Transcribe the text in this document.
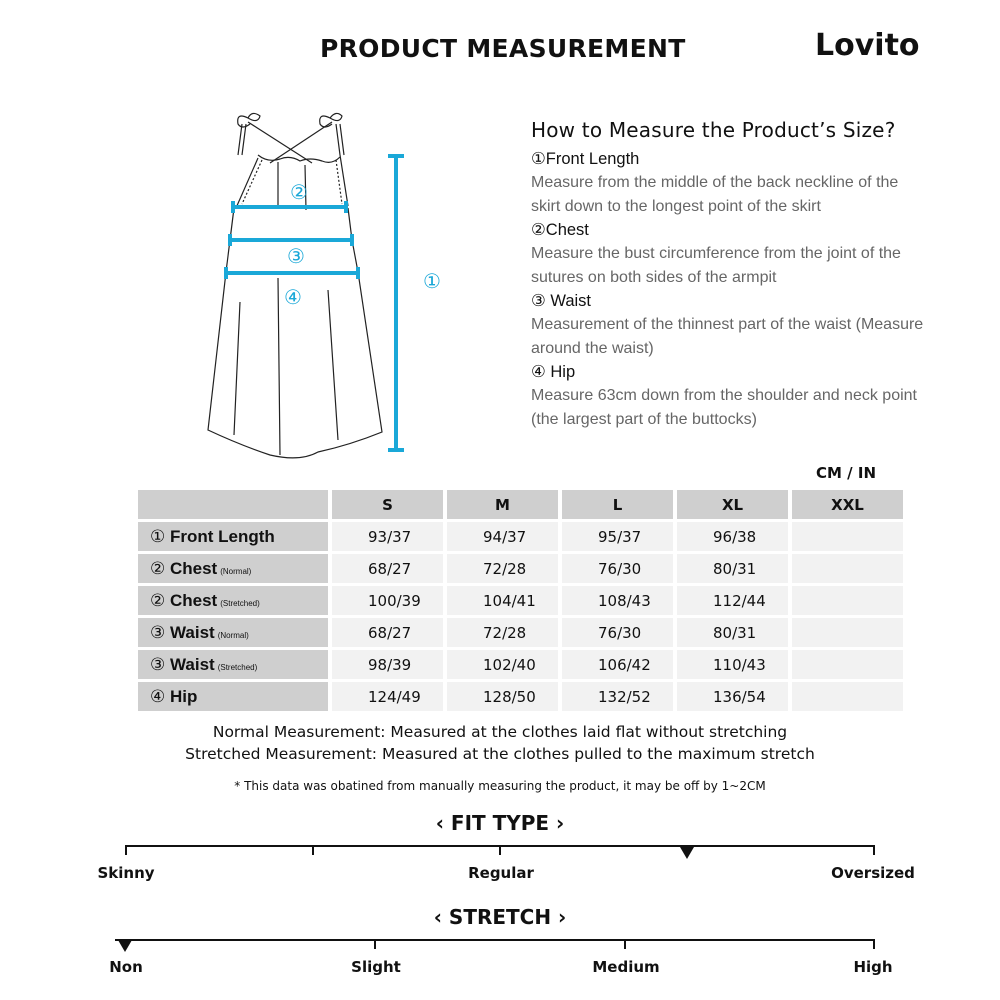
PRODUCT MEASUREMENT	Lovito
②
③
④
①
How to Measure the Product’s Size?
①Front Length
Measure from the middle of the back neckline of the skirt down to the longest point of the skirt
②Chest
Measure the bust circumference from the joint of the sutures on both sides of the armpit
③ Waist
Measurement of the thinnest part of the waist (Measure around the waist)
④ Hip
Measure 63cm down from the shoulder and neck point (the largest part of the buttocks)
CM / IN
	S	M	L	XL	XXL
① Front Length	93/37	94/37	95/37	96/38	
② Chest (Normal)	68/27	72/28	76/30	80/31	
② Chest (Stretched)	100/39	104/41	108/43	112/44	
③ Waist (Normal)	68/27	72/28	76/30	80/31	
③ Waist (Stretched)	98/39	102/40	106/42	110/43	
④ Hip	124/49	128/50	132/52	136/54	
Normal Measurement: Measured at the clothes laid flat without stretching
Stretched Measurement: Measured at the clothes pulled to the maximum stretch
* This data was obatined from manually measuring the product, it may be off by 1~2CM
‹ FIT TYPE ›
Skinny	Regular	Oversized
‹ STRETCH ›
Non	Slight	Medium	High
